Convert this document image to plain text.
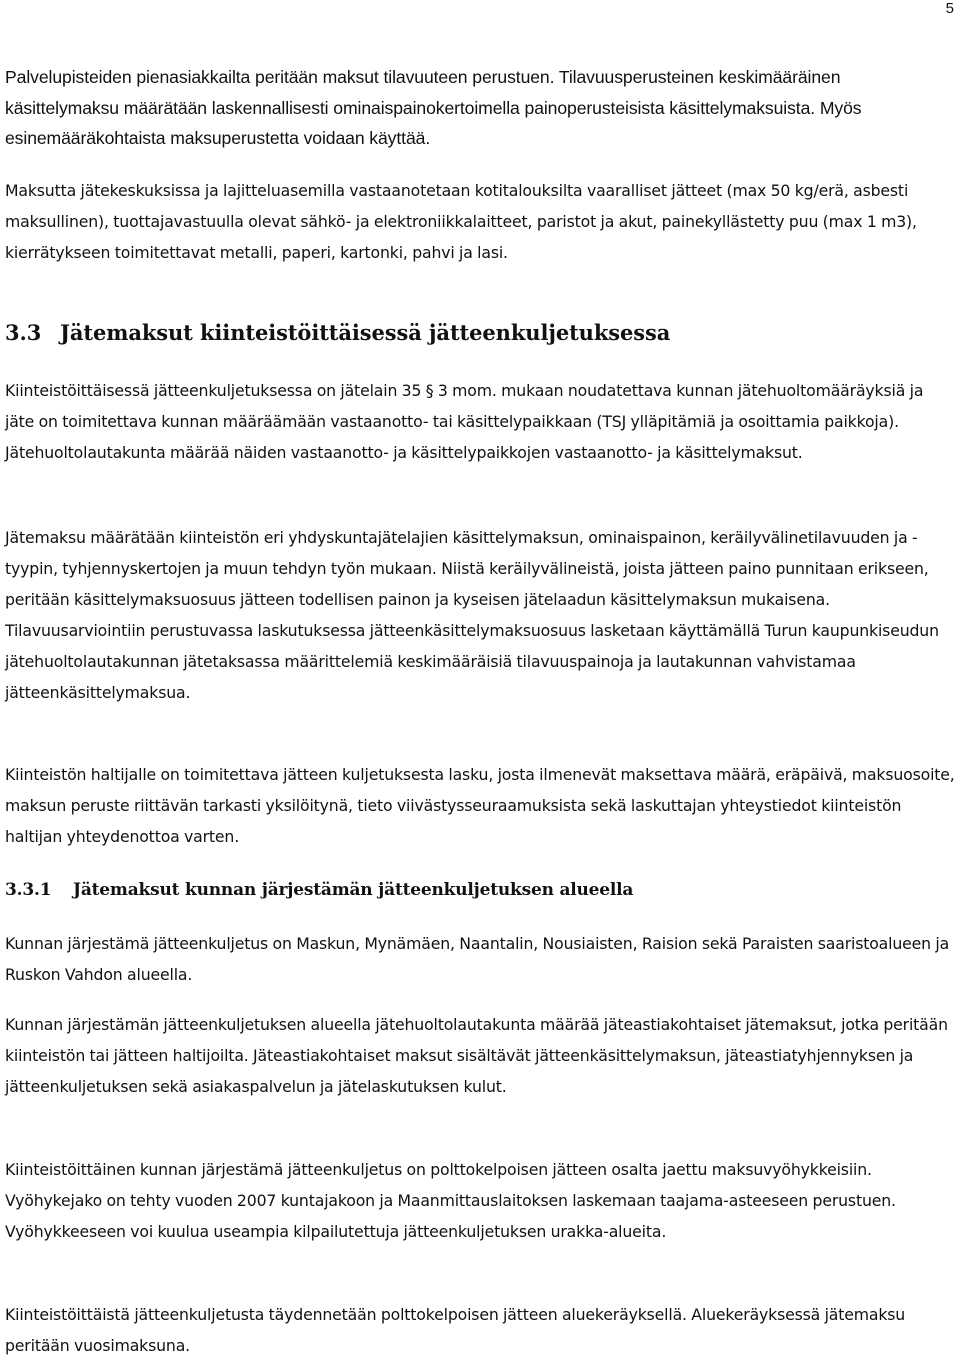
5

Palvelupisteiden pienasiakkailta peritään maksut tilavuuteen perustuen. Tilavuusperusteinen keskimääräinen käsittelymaksu määrätään laskennallisesti ominaispainokertoimella painoperusteisista käsittelymaksuista. Myös esinemääräkohtaista maksuperustetta voidaan käyttää.

Maksutta jätekeskuksissa ja lajitteluasemilla vastaanotetaan kotitalouksilta vaaralliset jätteet (max 50 kg/erä, asbesti maksullinen), tuottajavastuulla olevat sähkö- ja elektroniikkalaitteet, paristot ja akut, painekyllästetty puu (max 1 m3), kierrätykseen toimitettavat metalli, paperi, kartonki, pahvi ja lasi.

3.3 Jätemaksut kiinteistöittäisessä jätteenkuljetuksessa

Kiinteistöittäisessä jätteenkuljetuksessa on jätelain 35 § 3 mom. mukaan noudatettava kunnan jätehuoltomääräyksiä ja jäte on toimitettava kunnan määräämään vastaanotto- tai käsittelypaikkaan (TSJ ylläpitämiä ja osoittamia paikkoja). Jätehuoltolautakunta määrää näiden vastaanotto- ja käsittelypaikkojen vastaanotto- ja käsittelymaksut.

Jätemaksu määrätään kiinteistön eri yhdyskuntajätelajien käsittelymaksun, ominaispainon, keräilyvälinetilavuuden ja -tyypin, tyhjennyskertojen ja muun tehdyn työn mukaan. Niistä keräilyvälineistä, joista jätteen paino punnitaan erikseen, peritään käsittelymaksuosuus jätteen todellisen painon ja kyseisen jätelaadun käsittelymaksun mukaisena. Tilavuusarviointiin perustuvassa laskutuksessa jätteenkäsittelymaksuosuus lasketaan käyttämällä Turun kaupunkiseudun jätehuoltolautakunnan jätetaksassa määrittelemiä keskimääräisiä tilavuuspainoja ja lautakunnan vahvistamaa jätteenkäsittelymaksua.

Kiinteistön haltijalle on toimitettava jätteen kuljetuksesta lasku, josta ilmenevät maksettava määrä, eräpäivä, maksuosoite, maksun peruste riittävän tarkasti yksilöitynä, tieto viivästysseuraamuksista sekä laskuttajan yhteystiedot kiinteistön haltijan yhteydenottoa varten.

3.3.1 Jätemaksut kunnan järjestämän jätteenkuljetuksen alueella

Kunnan järjestämä jätteenkuljetus on Maskun, Mynämäen, Naantalin, Nousiaisten, Raision sekä Paraisten saaristoalueen ja Ruskon Vahdon alueella.

Kunnan järjestämän jätteenkuljetuksen alueella jätehuoltolautakunta määrää jäteastiakohtaiset jätemaksut, jotka peritään kiinteistön tai jätteen haltijoilta. Jäteastiakohtaiset maksut sisältävät jätteenkäsittelymaksun, jäteastiatyhjennyksen ja jätteenkuljetuksen sekä asiakaspalvelun ja jätelaskutuksen kulut.

Kiinteistöittäinen kunnan järjestämä jätteenkuljetus on polttokelpoisen jätteen osalta jaettu maksuvyöhykkeisiin. Vyöhykejako on tehty vuoden 2007 kuntajakoon ja Maanmittauslaitoksen laskemaan taajama-asteeseen perustuen. Vyöhykkeeseen voi kuulua useampia kilpailutettuja jätteenkuljetuksen urakka-alueita.

Kiinteistöittäistä jätteenkuljetusta täydennetään polttokelpoisen jätteen aluekeräyksellä. Aluekeräyksessä jätemaksu peritään vuosimaksuna.
